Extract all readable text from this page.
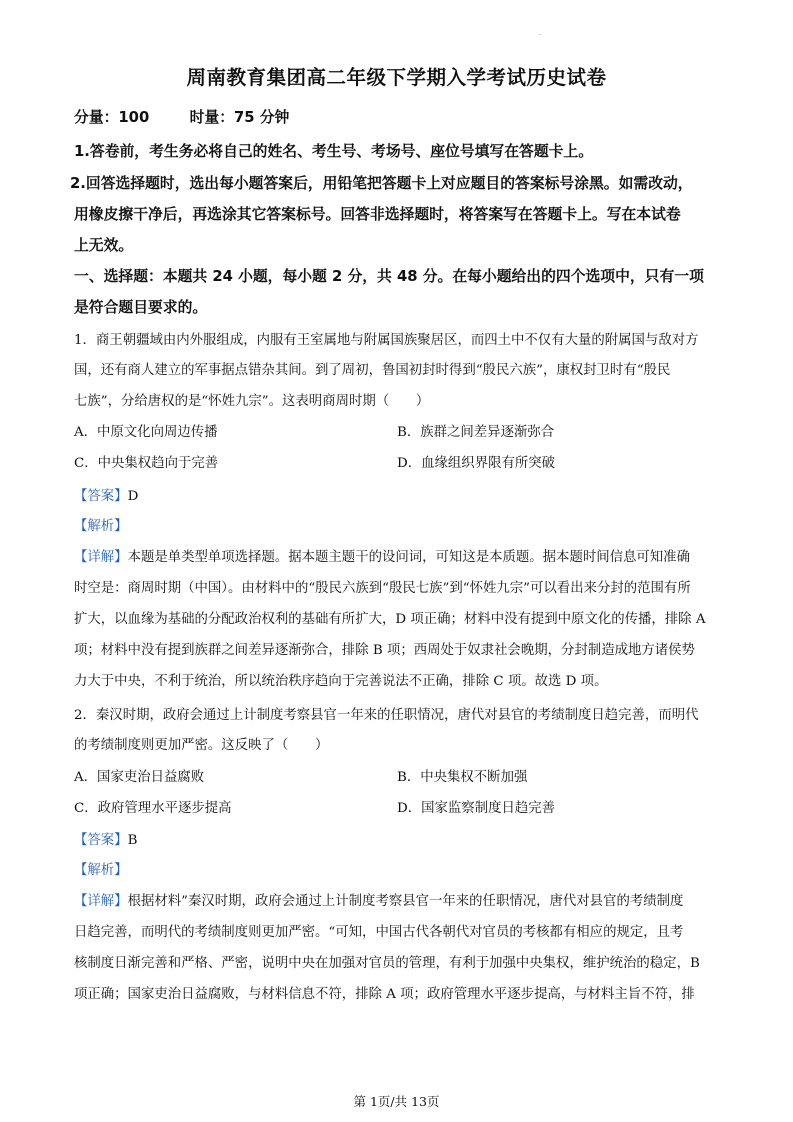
.
周南教育集团高二年级下学期入学考试历史试卷
分量：100	时量：75 分钟
1.答卷前，考生务必将自己的姓名、考生号、考场号、座位号填写在答题卡上。
2.回答选择题时，选出每小题答案后，用铅笔把答题卡上对应题目的答案标号涂黑。如需改动，
用橡皮擦干净后，再选涂其它答案标号。回答非选择题时，将答案写在答题卡上。写在本试卷
上无效。
一、选择题：本题共 24 小题，每小题 2 分，共 48 分。在每小题给出的四个选项中，只有一项
是符合题目要求的。
1．商王朝疆域由内外服组成，内服有王室属地与附属国族聚居区，而四土中不仅有大量的附属国与敌对方
国，还有商人建立的军事据点错杂其间。到了周初，鲁国初封时得到“殷民六族”，康权封卫时有“殷民
七族”，分给唐权的是“怀姓九宗”。这表明商周时期（　　）
A．中原文化向周边传播	B．族群之间差异逐渐弥合
C．中央集权趋向于完善	D．血缘组织界限有所突破
【答案】D
【解析】
【详解】本题是单类型单项选择题。据本题主题干的设问词，可知这是本质题。据本题时间信息可知准确
时空是：商周时期（中国）。由材料中的“殷民六族到“殷民七族”到“怀姓九宗”可以看出来分封的范围有所
扩大，以血缘为基础的分配政治权利的基础有所扩大，D 项正确；材料中没有提到中原文化的传播，排除 A
项；材料中没有提到族群之间差异逐渐弥合，排除 B 项；西周处于奴隶社会晚期，分封制造成地方诸侯势
力大于中央，不利于统治，所以统治秩序趋向于完善说法不正确，排除 C 项。故选 D 项。
2．秦汉时期，政府会通过上计制度考察县官一年来的任职情况，唐代对县官的考绩制度日趋完善，而明代
的考绩制度则更加严密。这反映了（　　）
A．国家吏治日益腐败	B．中央集权不断加强
C．政府管理水平逐步提高	D．国家监察制度日趋完善
【答案】B
【解析】
【详解】根据材料”秦汉时期，政府会通过上计制度考察县官一年来的任职情况，唐代对县官的考绩制度
日趋完善，而明代的考绩制度则更加严密。“可知，中国古代各朝代对官员的考核都有相应的规定，且考
核制度日渐完善和严格、严密，说明中央在加强对官员的管理，有利于加强中央集权，维护统治的稳定，B
项正确；国家吏治日益腐败，与材料信息不符，排除 A 项；政府管理水平逐步提高，与材料主旨不符，排
第 1页/共 13页
